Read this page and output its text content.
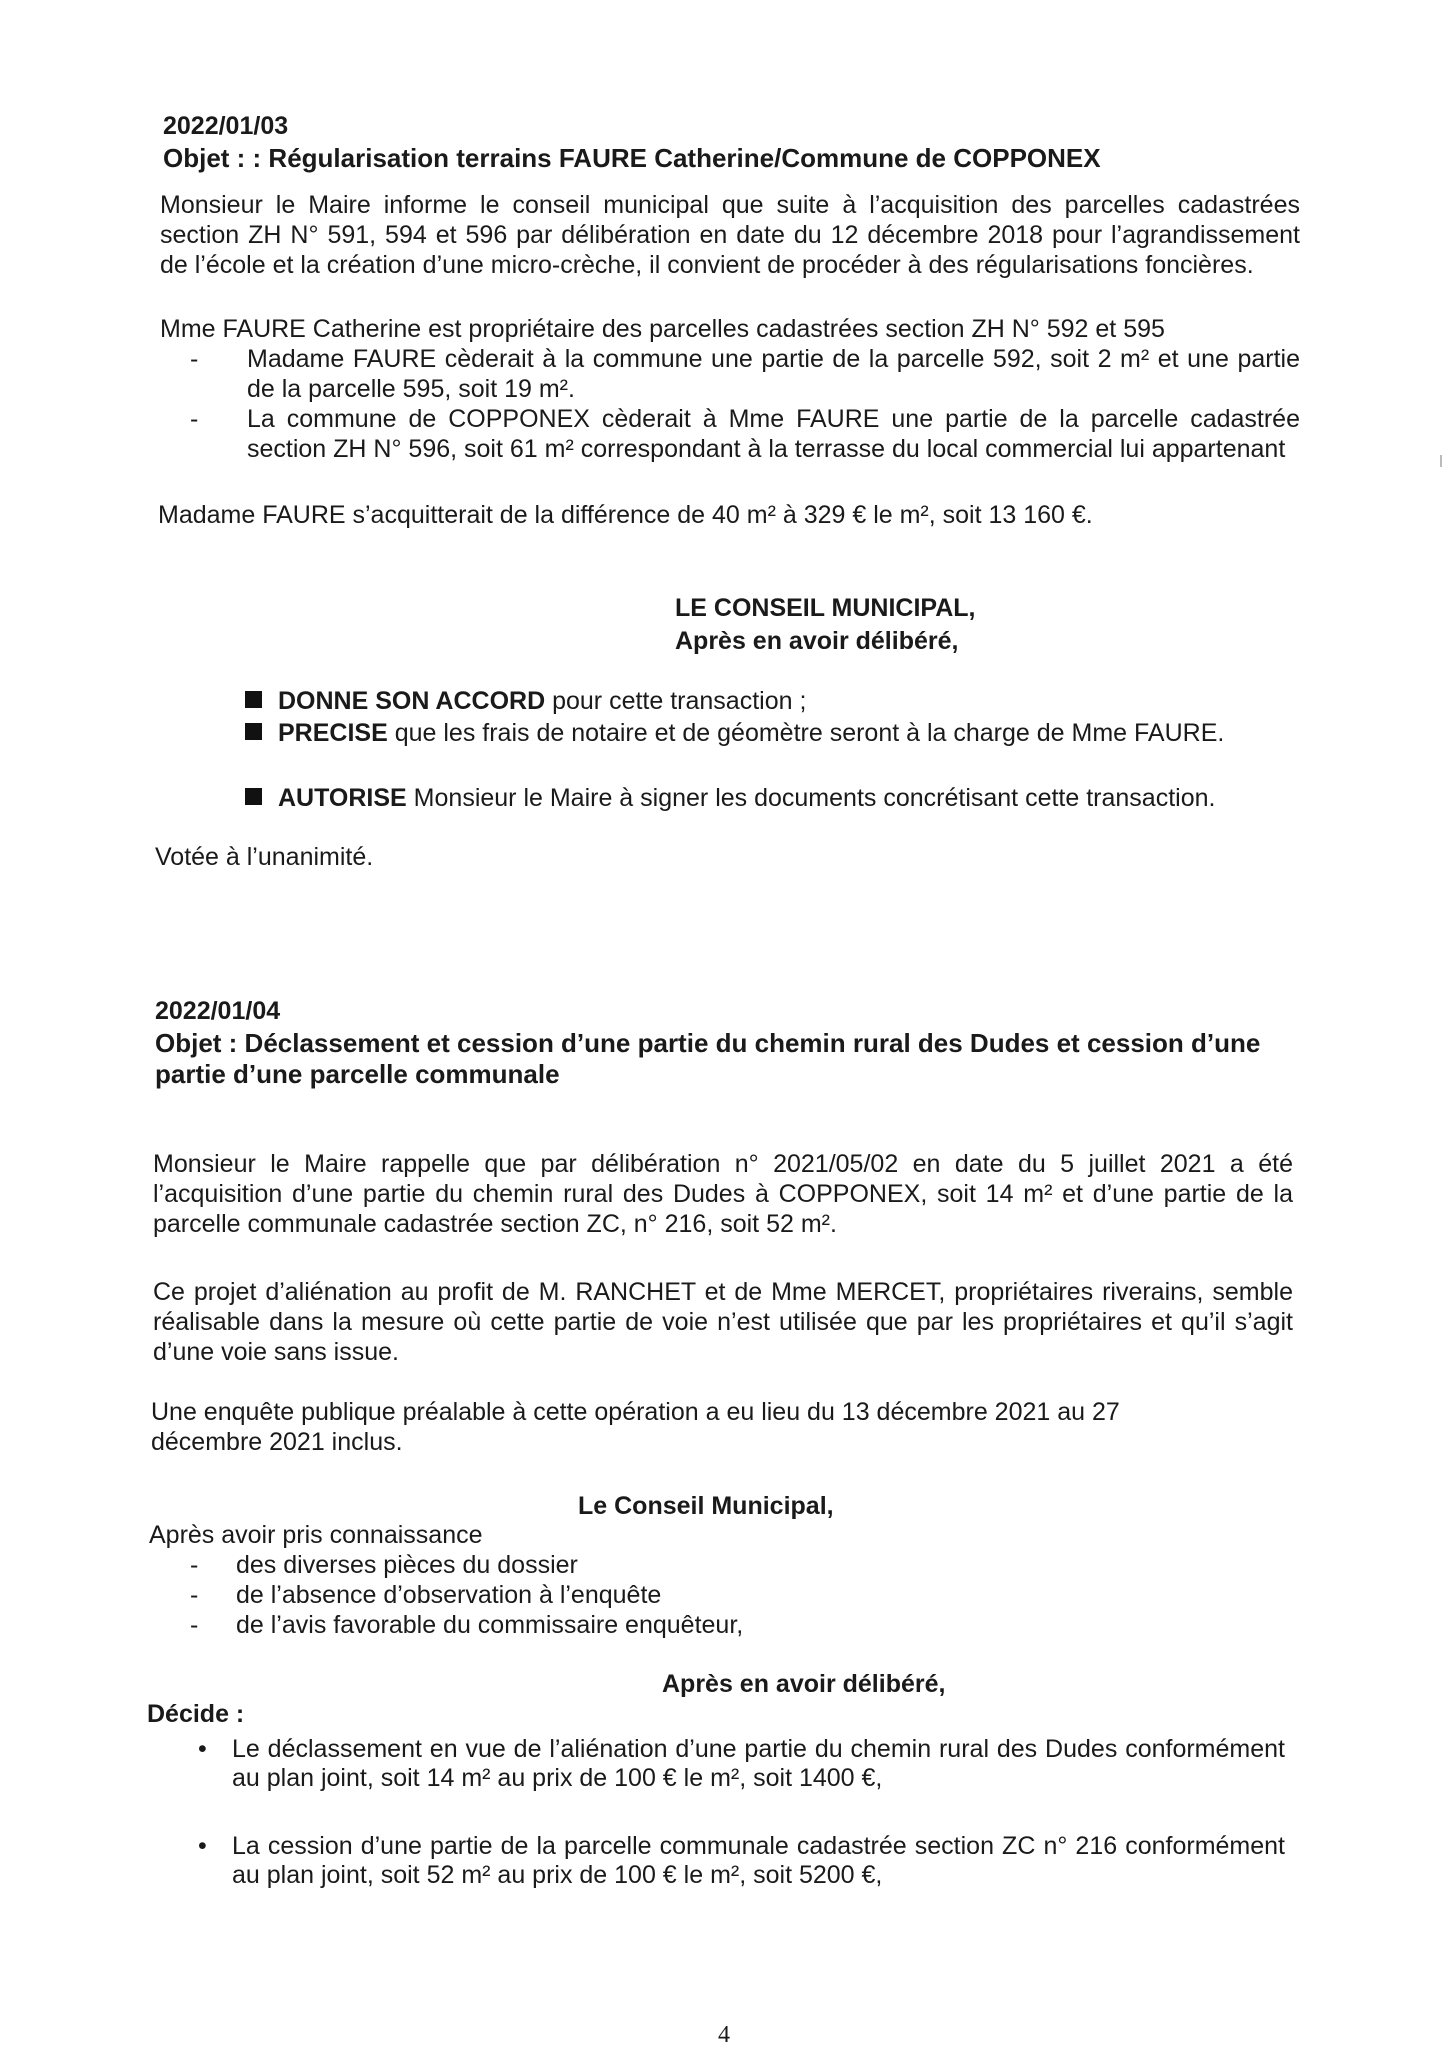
2022/01/03
Objet : : Régularisation terrains FAURE Catherine/Commune de COPPONEX

Monsieur le Maire informe le conseil municipal que suite à l’acquisition des parcelles cadastrées section ZH N° 591, 594 et 596 par délibération en date du 12 décembre 2018 pour l’agrandissement de l’école et la création d’une micro-crèche, il convient de procéder à des régularisations foncières.

Mme FAURE Catherine est propriétaire des parcelles cadastrées section ZH N° 592 et 595

- Madame FAURE cèderait à la commune une partie de la parcelle 592, soit 2 m² et une partie de la parcelle 595, soit 19 m².
- La commune de COPPONEX cèderait à Mme FAURE une partie de la parcelle cadastrée section ZH N° 596, soit 61 m² correspondant à la terrasse du local commercial lui appartenant

Madame FAURE s’acquitterait de la différence de 40 m² à 329 € le m², soit 13 160 €.

LE CONSEIL MUNICIPAL,
Après en avoir délibéré,
DONNE SON ACCORD pour cette transaction ;
PRECISE que les frais de notaire et de géomètre seront à la charge de Mme FAURE.
AUTORISE Monsieur le Maire à signer les documents concrétisant cette transaction.
Votée à l’unanimité.
2022/01/04
Objet : Déclassement et cession d’une partie du chemin rural des Dudes et cession d’une partie d’une parcelle communale

Monsieur le Maire rappelle que par délibération n° 2021/05/02 en date du 5 juillet 2021 a été l’acquisition d’une partie du chemin rural des Dudes à COPPONEX, soit 14 m² et d’une partie de la parcelle communale cadastrée section ZC, n° 216, soit 52 m².

Ce projet d’aliénation au profit de M. RANCHET et de Mme MERCET, propriétaires riverains, semble réalisable dans la mesure où cette partie de voie n’est utilisée que par les propriétaires et qu’il s’agit d’une voie sans issue.

Une enquête publique préalable à cette opération a eu lieu du 13 décembre 2021 au 27 décembre 2021 inclus.

Le Conseil Municipal,
Après avoir pris connaissance
- des diverses pièces du dossier
- de l’absence d’observation à l’enquête
- de l’avis favorable du commissaire enquêteur,
Après en avoir délibéré,
Décide :
• Le déclassement en vue de l’aliénation d’une partie du chemin rural des Dudes conformément au plan joint, soit 14 m² au prix de 100 € le m², soit 1400 €,
• La cession d’une partie de la parcelle communale cadastrée section ZC n° 216 conformément au plan joint, soit 52 m² au prix de 100 € le m², soit 5200 €,
4
